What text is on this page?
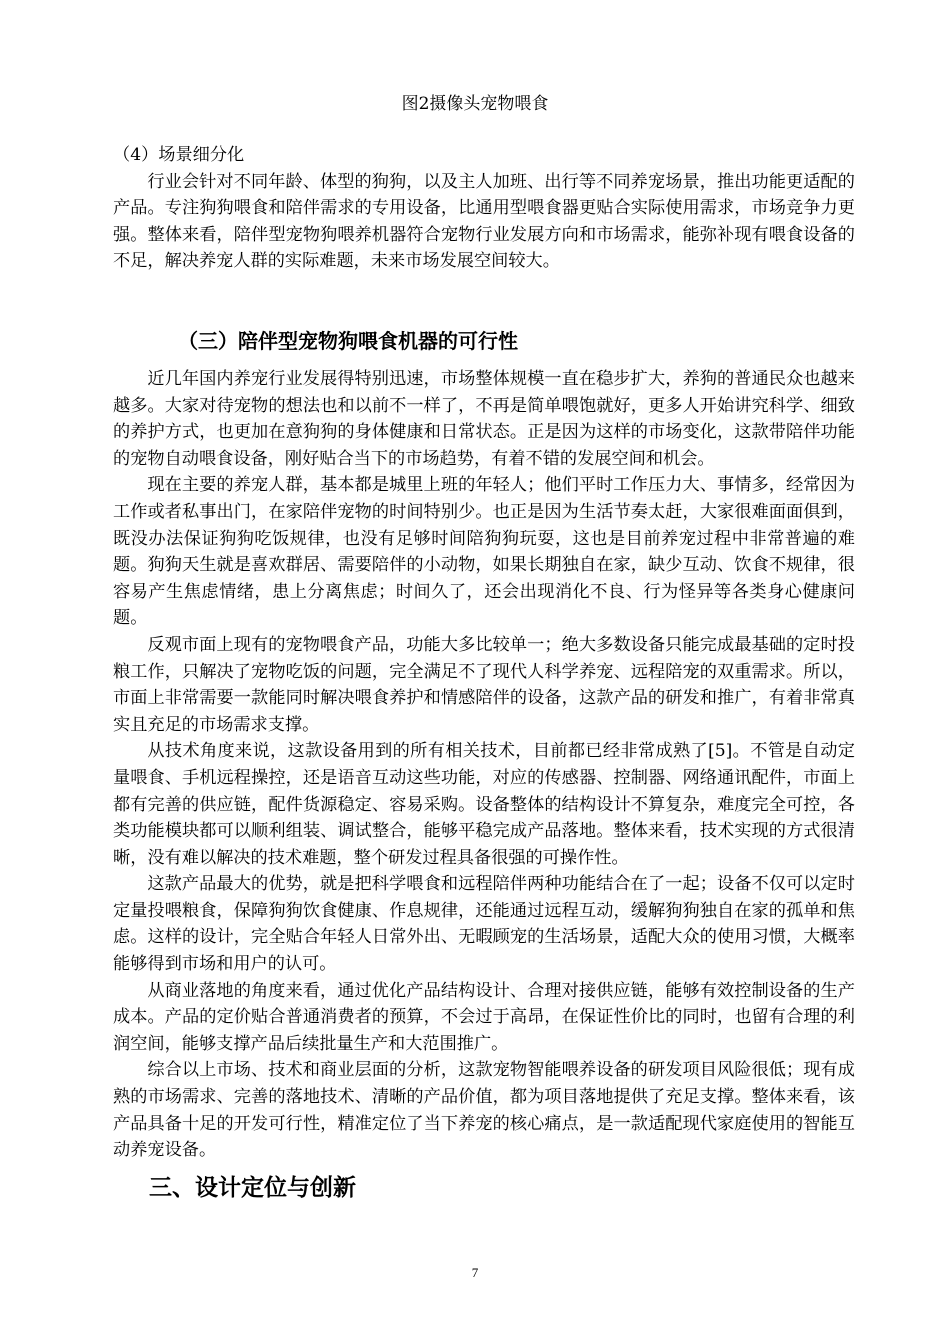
图2摄像头宠物喂食

（4）场景细分化

行业会针对不同年龄、体型的狗狗，以及主人加班、出行等不同养宠场景，推出功能更适配的产品。专注狗狗喂食和陪伴需求的专用设备，比通用型喂食器更贴合实际使用需求，市场竞争力更强。整体来看，陪伴型宠物狗喂养机器符合宠物行业发展方向和市场需求，能弥补现有喂食设备的不足，解决养宠人群的实际难题，未来市场发展空间较大。

（三）陪伴型宠物狗喂食机器的可行性

近几年国内养宠行业发展得特别迅速，市场整体规模一直在稳步扩大，养狗的普通民众也越来越多。大家对待宠物的想法也和以前不一样了，不再是简单喂饱就好，更多人开始讲究科学、细致的养护方式，也更加在意狗狗的身体健康和日常状态。正是因为这样的市场变化，这款带陪伴功能的宠物自动喂食设备，刚好贴合当下的市场趋势，有着不错的发展空间和机会。

现在主要的养宠人群，基本都是城里上班的年轻人；他们平时工作压力大、事情多，经常因为工作或者私事出门，在家陪伴宠物的时间特别少。也正是因为生活节奏太赶，大家很难面面俱到，既没办法保证狗狗吃饭规律，也没有足够时间陪狗狗玩耍，这也是目前养宠过程中非常普遍的难题。狗狗天生就是喜欢群居、需要陪伴的小动物，如果长期独自在家，缺少互动、饮食不规律，很容易产生焦虑情绪，患上分离焦虑；时间久了，还会出现消化不良、行为怪异等各类身心健康问题。

反观市面上现有的宠物喂食产品，功能大多比较单一；绝大多数设备只能完成最基础的定时投粮工作，只解决了宠物吃饭的问题，完全满足不了现代人科学养宠、远程陪宠的双重需求。所以，市面上非常需要一款能同时解决喂食养护和情感陪伴的设备，这款产品的研发和推广，有着非常真实且充足的市场需求支撑。

从技术角度来说，这款设备用到的所有相关技术，目前都已经非常成熟了[5]。不管是自动定量喂食、手机远程操控，还是语音互动这些功能，对应的传感器、控制器、网络通讯配件，市面上都有完善的供应链，配件货源稳定、容易采购。设备整体的结构设计不算复杂，难度完全可控，各类功能模块都可以顺利组装、调试整合，能够平稳完成产品落地。整体来看，技术实现的方式很清晰，没有难以解决的技术难题，整个研发过程具备很强的可操作性。

这款产品最大的优势，就是把科学喂食和远程陪伴两种功能结合在了一起；设备不仅可以定时定量投喂粮食，保障狗狗饮食健康、作息规律，还能通过远程互动，缓解狗狗独自在家的孤单和焦虑。这样的设计，完全贴合年轻人日常外出、无暇顾宠的生活场景，适配大众的使用习惯，大概率能够得到市场和用户的认可。

从商业落地的角度来看，通过优化产品结构设计、合理对接供应链，能够有效控制设备的生产成本。产品的定价贴合普通消费者的预算，不会过于高昂，在保证性价比的同时，也留有合理的利润空间，能够支撑产品后续批量生产和大范围推广。

综合以上市场、技术和商业层面的分析，这款宠物智能喂养设备的研发项目风险很低；现有成熟的市场需求、完善的落地技术、清晰的产品价值，都为项目落地提供了充足支撑。整体来看，该产品具备十足的开发可行性，精准定位了当下养宠的核心痛点，是一款适配现代家庭使用的智能互动养宠设备。

三、设计定位与创新
7
